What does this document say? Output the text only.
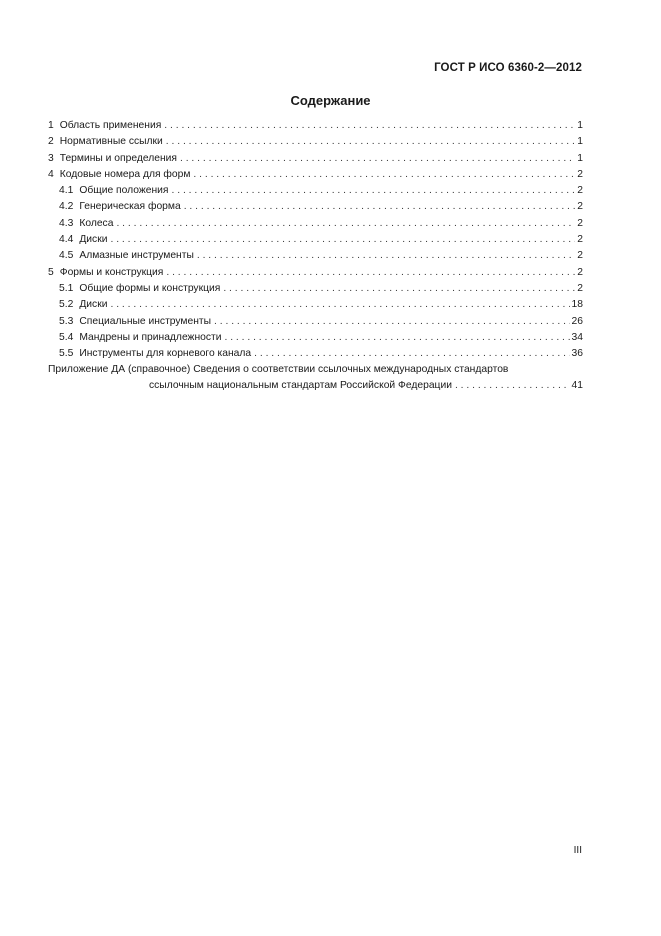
ГОСТ Р ИСО 6360-2—2012
Содержание
1 Область применения . . .	1
2 Нормативные ссылки . . .	1
3 Термины и определения . . .	1
4 Кодовые номера для форм . . .	2
4.1 Общие положения . . .	2
4.2 Генерическая форма . . .	2
4.3 Колеса . . .	2
4.4 Диски . . .	2
4.5 Алмазные инструменты . . .	2
5 Формы и конструкция . . .	2
5.1 Общие формы и конструкция . . .	2
5.2 Диски . . .	18
5.3 Специальные инструменты . . .	26
5.4 Мандрены и принадлежности . . .	34
5.5 Инструменты для корневого канала . . .	36
Приложение ДА (справочное) Сведения о соответствии ссылочных международных стандартов
ссылочным национальным стандартам Российской Федерации . . .	41
III
